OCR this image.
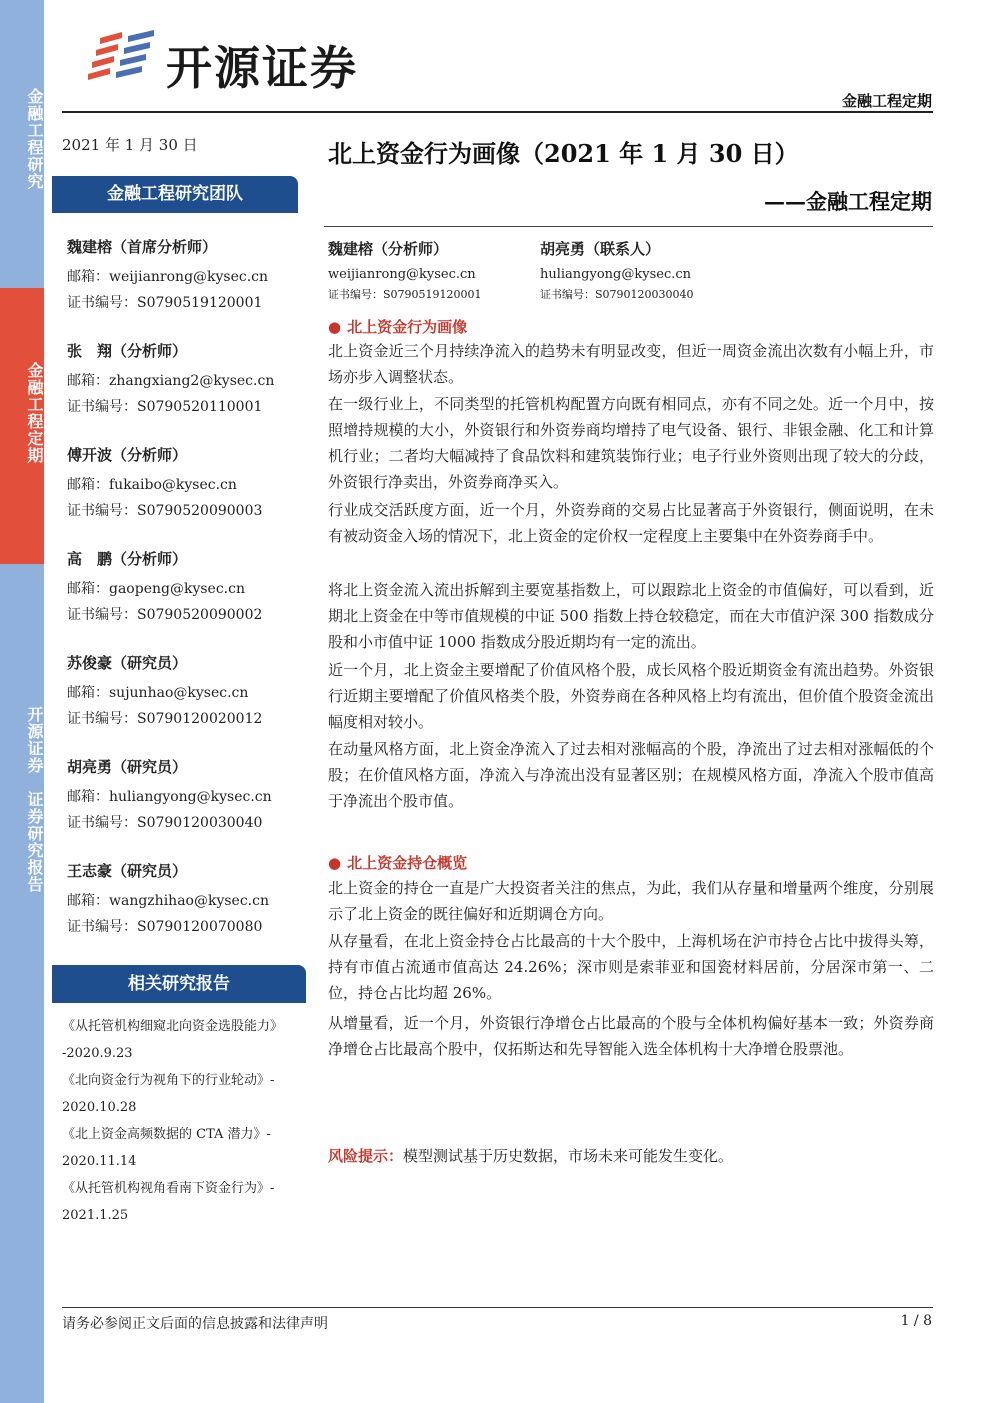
金融工程研究
金融工程定期
开源证券　证券研究报告
开源证券
金融工程定期
2021 年 1 月 30 日	北上资金行为画像（2021 年 1 月 30 日）
——金融工程定期
金融工程研究团队
魏建榕（首席分析师）
邮箱：weijianrong@kysec.cn
证书编号：S0790519120001
张　翔（分析师）
邮箱：zhangxiang2@kysec.cn
证书编号：S0790520110001
傅开波（分析师）
邮箱：fukaibo@kysec.cn
证书编号：S0790520090003
高　鹏（分析师）
邮箱：gaopeng@kysec.cn
证书编号：S0790520090002
苏俊豪（研究员）
邮箱：sujunhao@kysec.cn
证书编号：S0790120020012
胡亮勇（研究员）
邮箱：huliangyong@kysec.cn
证书编号：S0790120030040
王志豪（研究员）
邮箱：wangzhihao@kysec.cn
证书编号：S0790120070080
相关研究报告
《从托管机构细窥北向资金选股能力》
-2020.9.23
《北向资金行为视角下的行业轮动》-
2020.10.28
《北上资金高频数据的 CTA 潜力》-
2020.11.14
《从托管机构视角看南下资金行为》-
2021.1.25
魏建榕（分析师）
weijianrong@kysec.cn
证书编号：S0790519120001
胡亮勇（联系人）
huliangyong@kysec.cn
证书编号：S0790120030040
● 北上资金行为画像
北上资金近三个月持续净流入的趋势未有明显改变，但近一周资金流出次数有小幅上升，市场亦步入调整状态。
在一级行业上，不同类型的托管机构配置方向既有相同点，亦有不同之处。近一个月中，按照增持规模的大小，外资银行和外资券商均增持了电气设备、银行、非银金融、化工和计算机行业；二者均大幅减持了食品饮料和建筑装饰行业；电子行业外资则出现了较大的分歧，外资银行净卖出，外资券商净买入。
行业成交活跃度方面，近一个月，外资券商的交易占比显著高于外资银行，侧面说明，在未有被动资金入场的情况下，北上资金的定价权一定程度上主要集中在外资券商手中。
将北上资金流入流出拆解到主要宽基指数上，可以跟踪北上资金的市值偏好，可以看到，近期北上资金在中等市值规模的中证 500 指数上持仓较稳定，而在大市值沪深 300 指数成分股和小市值中证 1000 指数成分股近期均有一定的流出。
近一个月，北上资金主要增配了价值风格个股，成长风格个股近期资金有流出趋势。外资银行近期主要增配了价值风格类个股，外资券商在各种风格上均有流出，但价值个股资金流出幅度相对较小。
在动量风格方面，北上资金净流入了过去相对涨幅高的个股，净流出了过去相对涨幅低的个股；在价值风格方面，净流入与净流出没有显著区别；在规模风格方面，净流入个股市值高于净流出个股市值。
● 北上资金持仓概览
北上资金的持仓一直是广大投资者关注的焦点，为此，我们从存量和增量两个维度，分别展示了北上资金的既往偏好和近期调仓方向。
从存量看，在北上资金持仓占比最高的十大个股中，上海机场在沪市持仓占比中拔得头筹，持有市值占流通市值高达 24.26%；深市则是索菲亚和国瓷材料居前，分居深市第一、二位，持仓占比均超 26%。
从增量看，近一个月，外资银行净增仓占比最高的个股与全体机构偏好基本一致；外资券商净增仓占比最高个股中，仅拓斯达和先导智能入选全体机构十大净增仓股票池。
风险提示：模型测试基于历史数据，市场未来可能发生变化。
请务必参阅正文后面的信息披露和法律声明	1 / 8
